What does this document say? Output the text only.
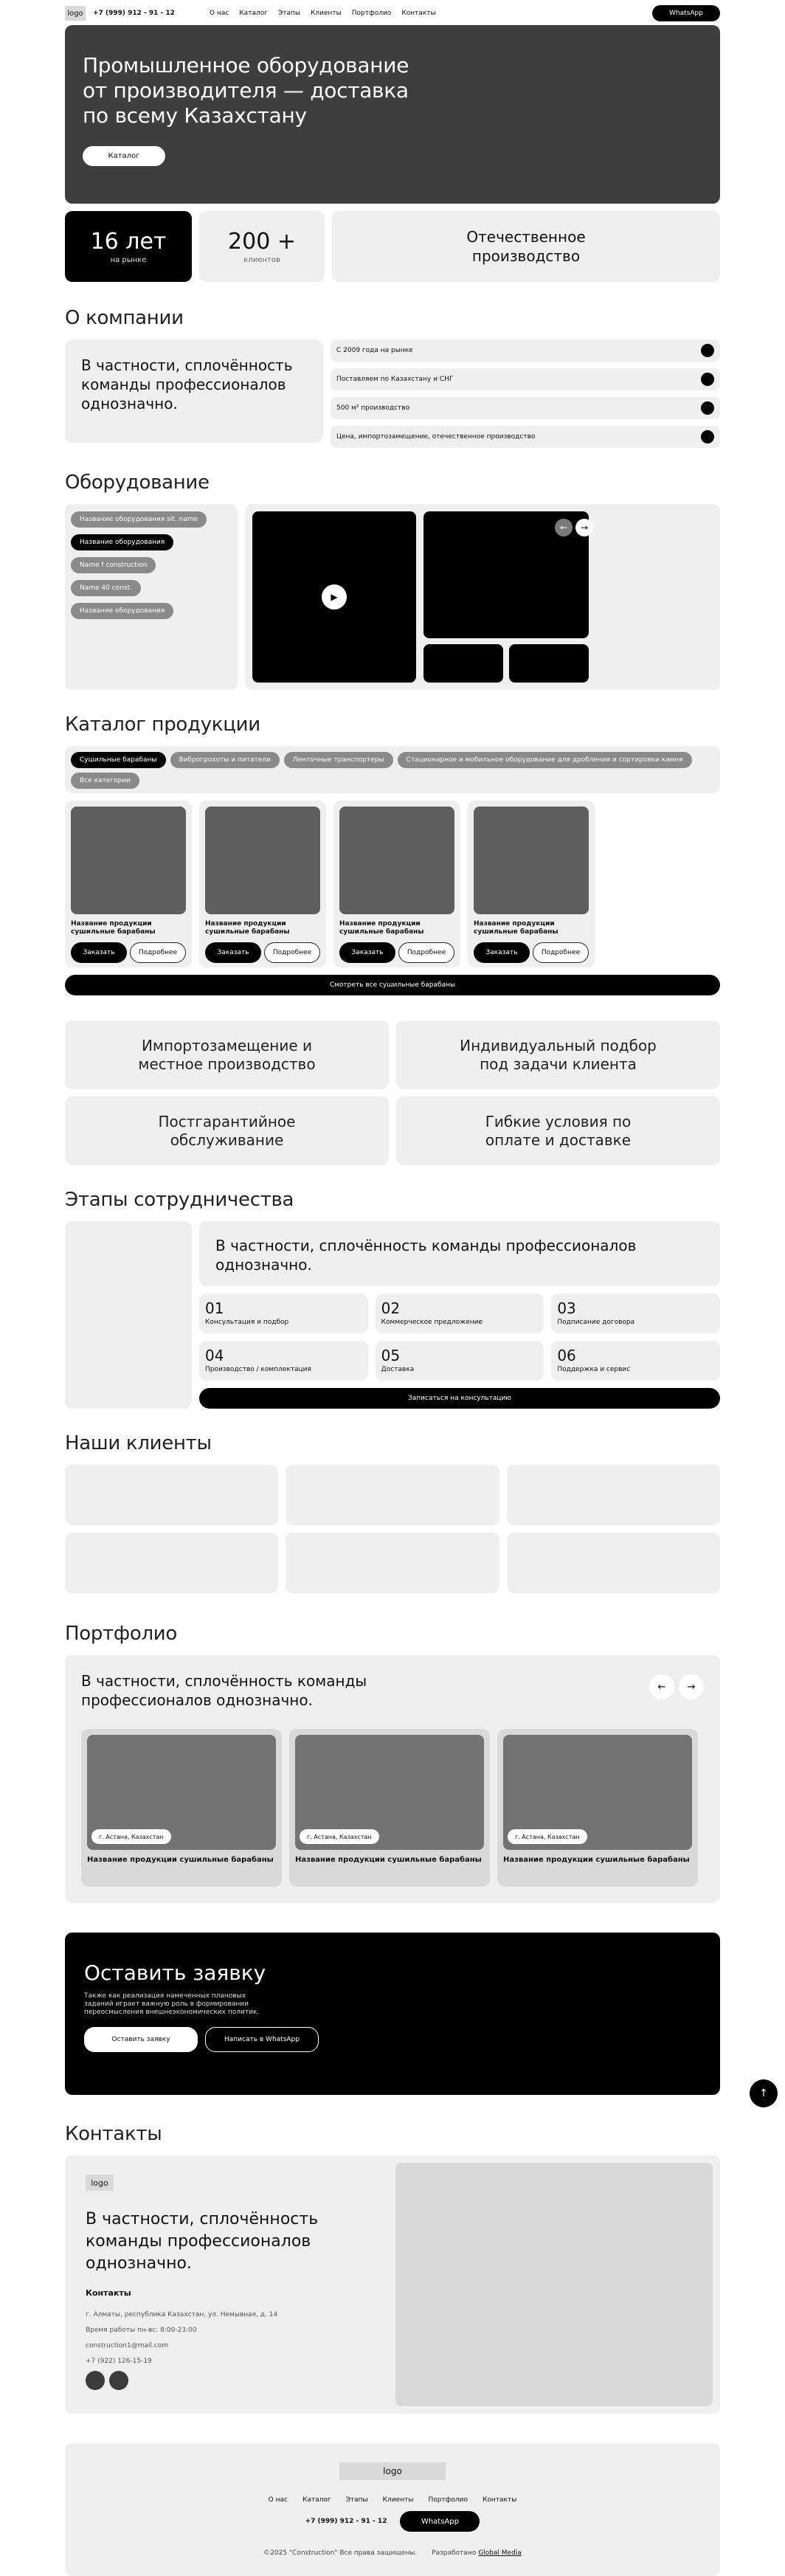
logo	+7 (999) 912 - 91 - 12	О нас Каталог Этапы Клиенты Портфолио Контакты	WhatsApp
Промышленное оборудование от производителя — доставка по всему Казахстану
Каталог
16 лет
на рынке
200 +
клиентов
Отечественное производство
О компании
В частности, сплочённость команды профессионалов однозначно.
С 2009 года на рынке
Поставляем по Казахстану и СНГ
500 м² производство
Цена, импортозамещение, отечественное производство
Оборудование
Название оборудования sit. name
Название оборудования
Name f construction
Name 40 const.
Название оборудования
▶
←	→
Каталог продукции
Сушильные барабаны	Виброгрохоты и питатели	Ленточные транспортеры	Стационарное и мобильное оборудование для дробления и сортировки камня
Все категории
Название продукции сушильные барабаны
Заказать	Подробнее
Название продукции сушильные барабаны
Заказать	Подробнее
Название продукции сушильные барабаны
Заказать	Подробнее
Название продукции сушильные барабаны
Заказать	Подробнее
Смотреть все сушильные барабаны
Импортозамещение и местное производство
Индивидуальный подбор под задачи клиента
Постгарантийное обслуживание
Гибкие условия по оплате и доставке
Этапы сотрудничества
В частности, сплочённость команды профессионалов однозначно.
01
Консультация и подбор
02
Коммерческое предложение
03
Подписание договора
04
Производство / комплектация
05
Доставка
06
Поддержка и сервис
Записаться на консультацию
Наши клиенты
Портфолио
В частности, сплочённость команды профессионалов однозначно.
←	→
г. Астана, Казахстан
Название продукции сушильные барабаны
г. Астана, Казахстан
Название продукции сушильные барабаны
г. Астана, Казахстан
Название продукции сушильные барабаны
Оставить заявку

Также как реализация намеченных плановых заданий играет важную роль в формировании переосмысления внешнеэкономических политик.

Оставить заявку	Написать в WhatsApp
Контакты
logo
В частности, сплочённость команды профессионалов однозначно.
Контакты
г. Алматы, республика Казахстан, ул. Немывная, д. 14
Время работы пн-вс: 8:00-23:00
construction1@mail.com
+7 (922) 126-15-19
logo
О нас Каталог Этапы Клиенты Портфолио Контакты
+7 (999) 912 - 91 - 12	WhatsApp
©2025 "Construction" Все права защищены. Разработано Global Media
↑
